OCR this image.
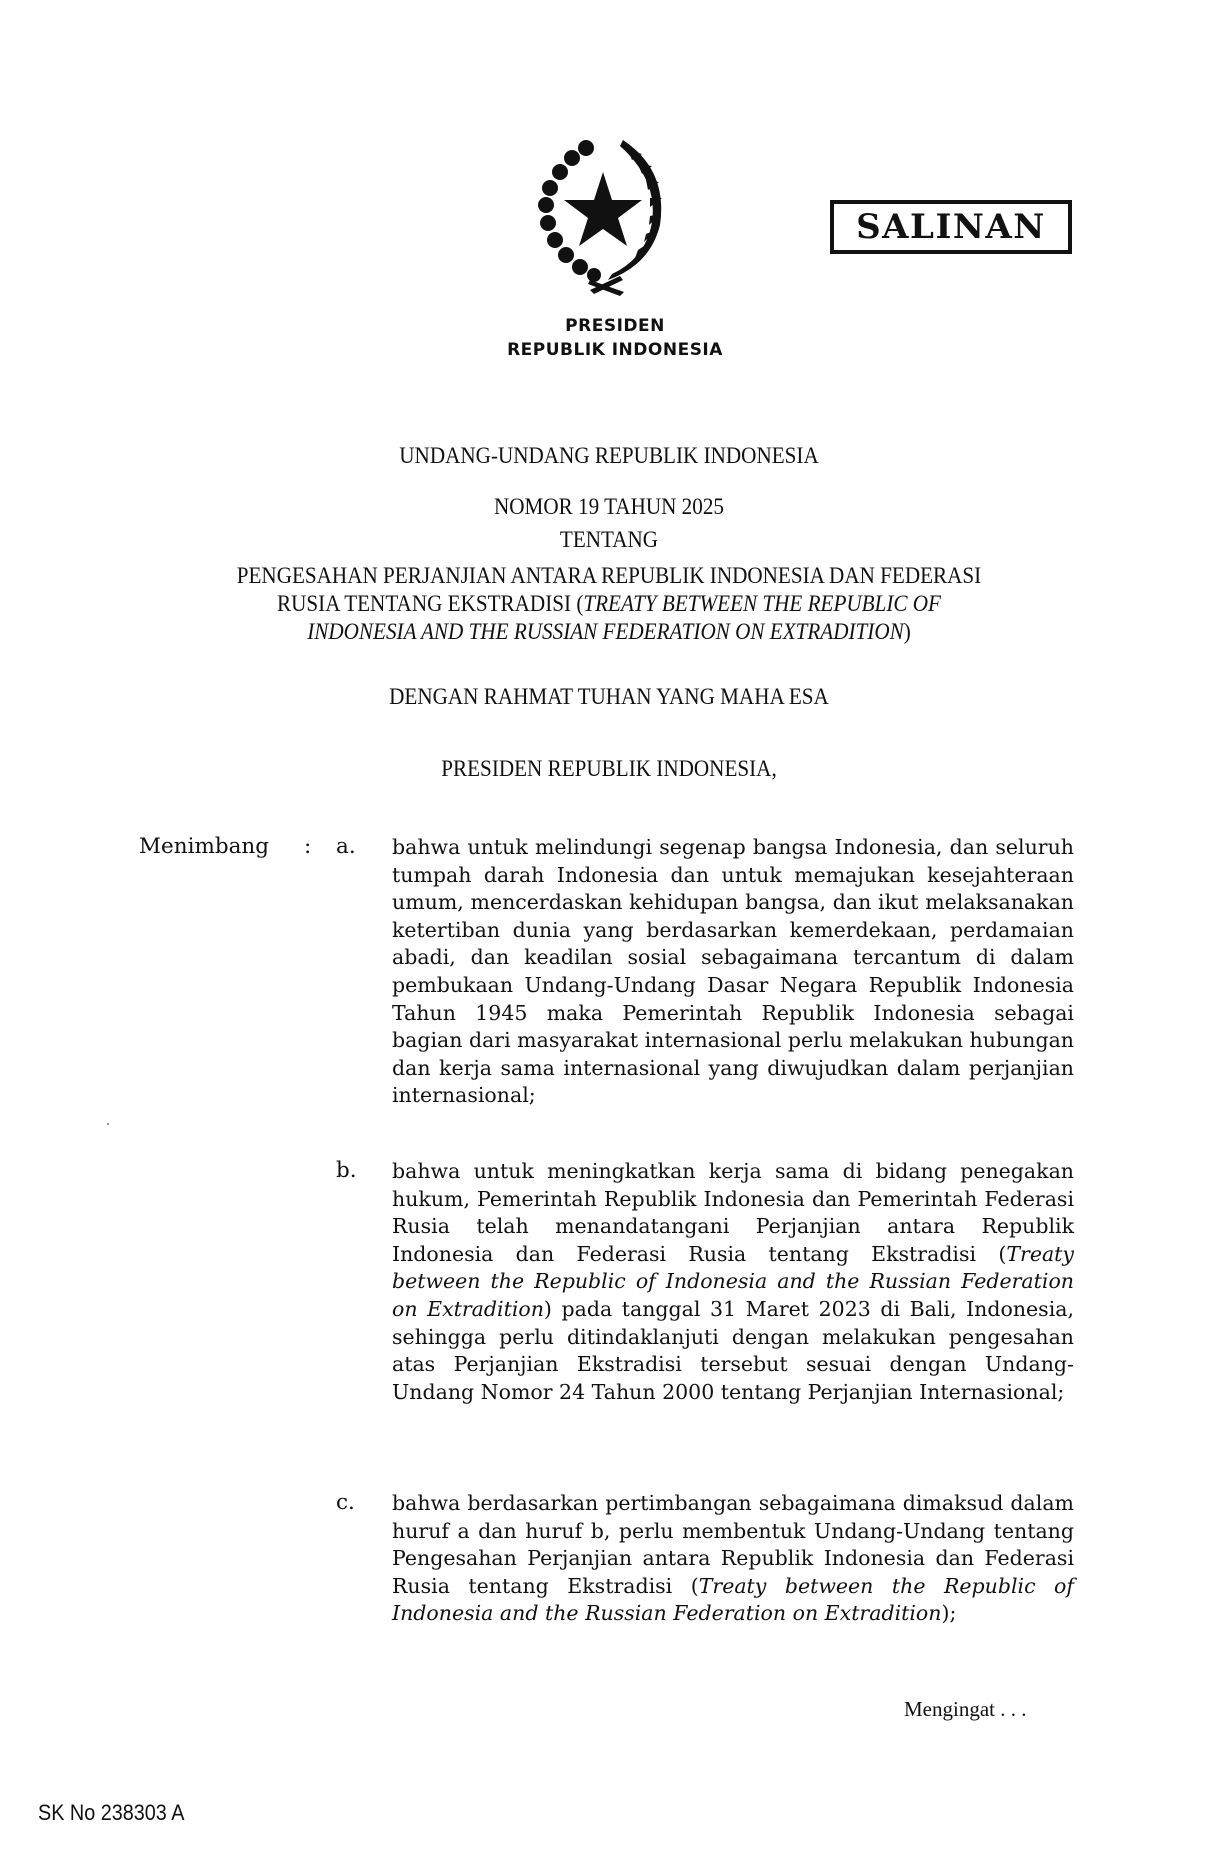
PRESIDEN
REPUBLIK INDONESIA
SALINAN
UNDANG-UNDANG REPUBLIK INDONESIA
NOMOR 19 TAHUN 2025
TENTANG
PENGESAHAN PERJANJIAN ANTARA REPUBLIK INDONESIA DAN FEDERASI
RUSIA TENTANG EKSTRADISI (TREATY BETWEEN THE REPUBLIC OF
INDONESIA AND THE RUSSIAN FEDERATION ON EXTRADITION)
DENGAN RAHMAT TUHAN YANG MAHA ESA
PRESIDEN REPUBLIK INDONESIA,
Menimbang : a. bahwa untuk melindungi segenap bangsa Indonesia, dan seluruh tumpah darah Indonesia dan untuk memajukan kesejahteraan umum, mencerdaskan kehidupan bangsa, dan ikut melaksanakan ketertiban dunia yang berdasarkan kemerdekaan, perdamaian abadi, dan keadilan sosial sebagaimana tercantum di dalam pembukaan Undang-Undang Dasar Negara Republik Indonesia Tahun 1945 maka Pemerintah Republik Indonesia sebagai bagian dari masyarakat internasional perlu melakukan hubungan dan kerja sama internasional yang diwujudkan dalam perjanjian internasional;
b. bahwa untuk meningkatkan kerja sama di bidang penegakan hukum, Pemerintah Republik Indonesia dan Pemerintah Federasi Rusia telah menandatangani Perjanjian antara Republik Indonesia dan Federasi Rusia tentang Ekstradisi (Treaty between the Republic of Indonesia and the Russian Federation on Extradition) pada tanggal 31 Maret 2023 di Bali, Indonesia, sehingga perlu ditindaklanjuti dengan melakukan pengesahan atas Perjanjian Ekstradisi tersebut sesuai dengan Undang-Undang Nomor 24 Tahun 2000 tentang Perjanjian Internasional;
c. bahwa berdasarkan pertimbangan sebagaimana dimaksud dalam huruf a dan huruf b, perlu membentuk Undang-Undang tentang Pengesahan Perjanjian antara Republik Indonesia dan Federasi Rusia tentang Ekstradisi (Treaty between the Republic of Indonesia and the Russian Federation on Extradition);
Mengingat . . .
SK No 238303 A
